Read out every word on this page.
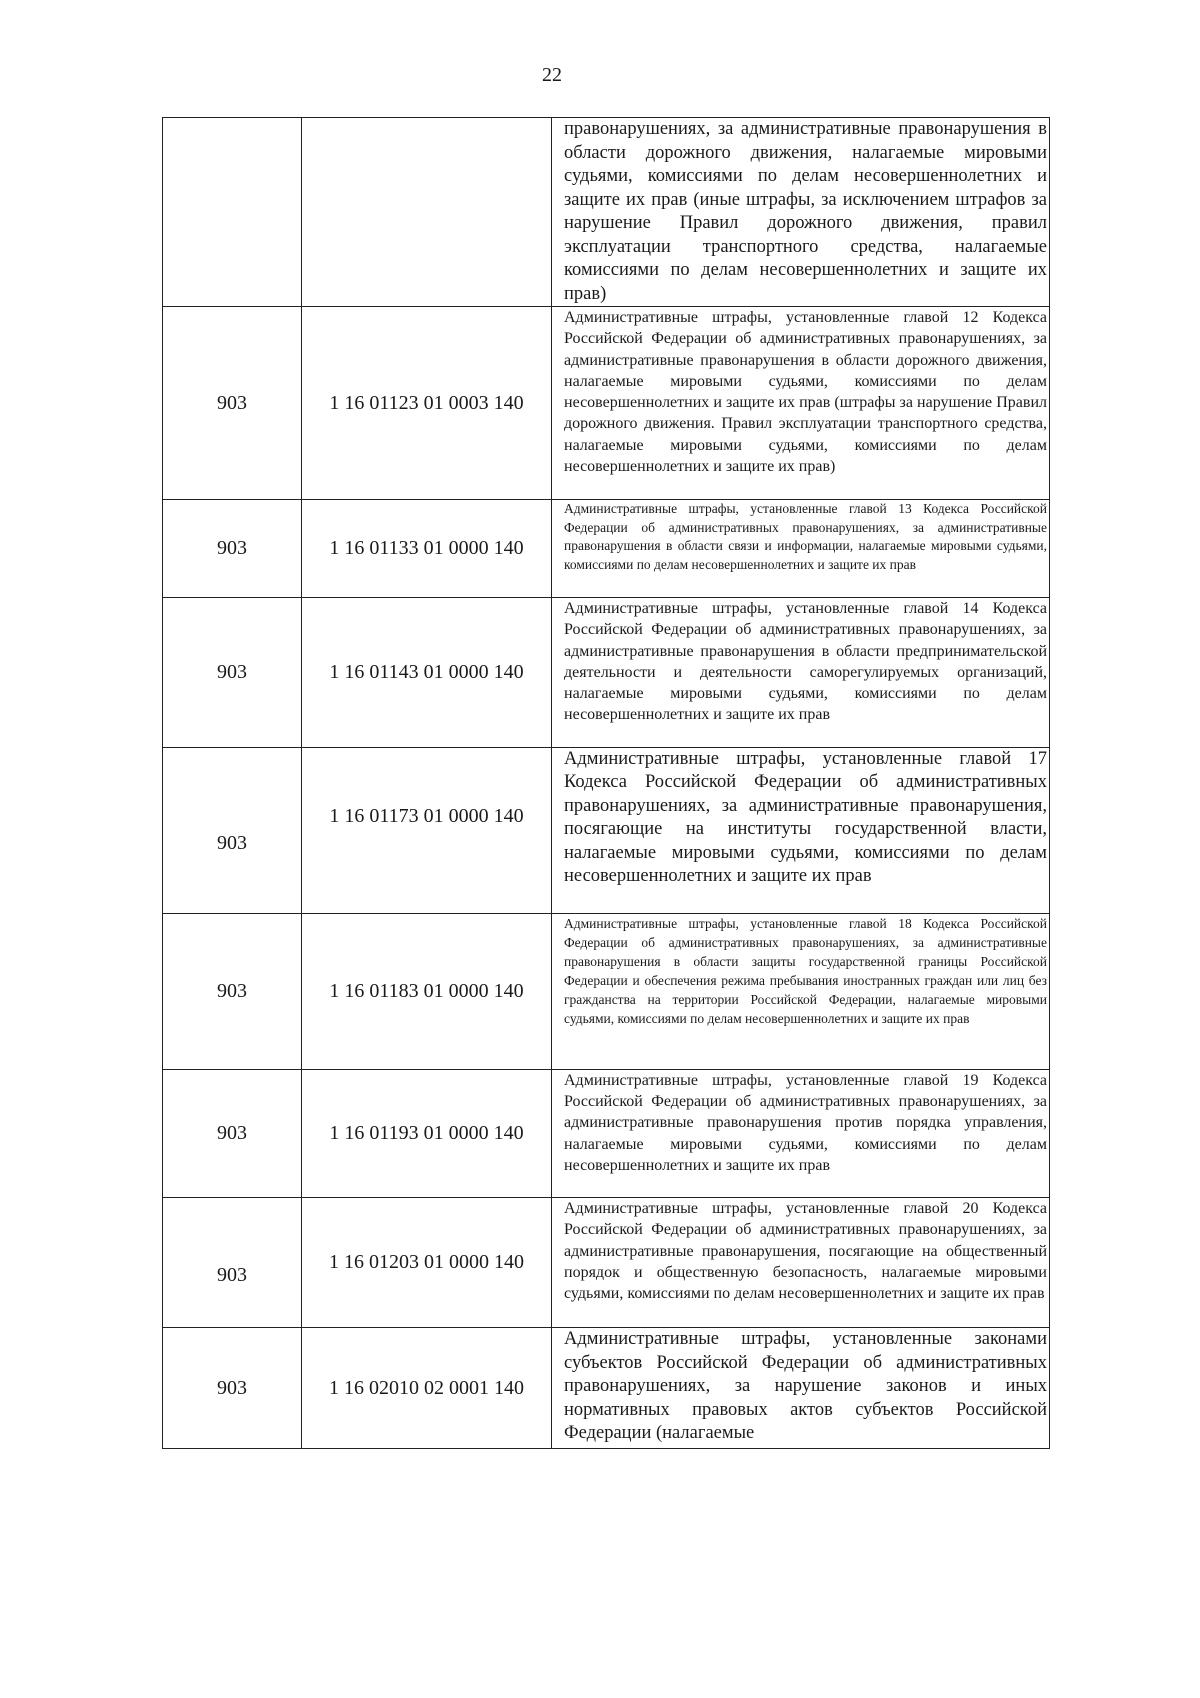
22

		правонарушениях, за административные правонарушения в области дорожного движения, налагаемые мировыми судьями, комиссиями по делам несовершеннолетних и защите их прав (иные штрафы, за исключением штрафов за нарушение Правил дорожного движения, правил эксплуатации транспортного средства, налагаемые комиссиями по делам несовершеннолетних и защите их прав)

903	1 16 01123 01 0003 140	Административные штрафы, установленные главой 12 Кодекса Российской Федерации об административных правонарушениях, за административные правонарушения в области дорожного движения, налагаемые мировыми судьями, комиссиями по делам несовершеннолетних и защите их прав (штрафы за нарушение Правил дорожного движения. Правил эксплуатации транспортного средства, налагаемые мировыми судьями, комиссиями по делам несовершеннолетних и защите их прав)

903	1 16 01133 01 0000 140	Административные штрафы, установленные главой 13 Кодекса Российской Федерации об административных правонарушениях, за административные правонарушения в области связи и информации, налагаемые мировыми судьями, комиссиями по делам несовершеннолетних и защите их прав

903	1 16 01143 01 0000 140	Административные штрафы, установленные главой 14 Кодекса Российской Федерации об административных правонарушениях, за административные правонарушения в области предпринимательской деятельности и деятельности саморегулируемых организаций, налагаемые мировыми судьями, комиссиями по делам несовершеннолетних и защите их прав

903	1 16 01173 01 0000 140	Административные штрафы, установленные главой 17 Кодекса Российской Федерации об административных правонарушениях, за административные правонарушения, посягающие на институты государственной власти, налагаемые мировыми судьями, комиссиями по делам несовершеннолетних и защите их прав

903	1 16 01183 01 0000 140	Административные штрафы, установленные главой 18 Кодекса Российской Федерации об административных правонарушениях, за административные правонарушения в области защиты государственной границы Российской Федерации и обеспечения режима пребывания иностранных граждан или лиц без гражданства на территории Российской Федерации, налагаемые мировыми судьями, комиссиями по делам несовершеннолетних и защите их прав

903	1 16 01193 01 0000 140	Административные штрафы, установленные главой 19 Кодекса Российской Федерации об административных правонарушениях, за административные правонарушения против порядка управления, налагаемые мировыми судьями, комиссиями по делам несовершеннолетних и защите их прав

903	1 16 01203 01 0000 140	Административные штрафы, установленные главой 20 Кодекса Российской Федерации об административных правонарушениях, за административные правонарушения, посягающие на общественный порядок и общественную безопасность, налагаемые мировыми судьями, комиссиями по делам несовершеннолетних и защите их прав

903	1 16 02010 02 0001 140	Административные штрафы, установленные законами субъектов Российской Федерации об административных правонарушениях, за нарушение законов и иных нормативных правовых актов субъектов Российской Федерации (налагаемые
